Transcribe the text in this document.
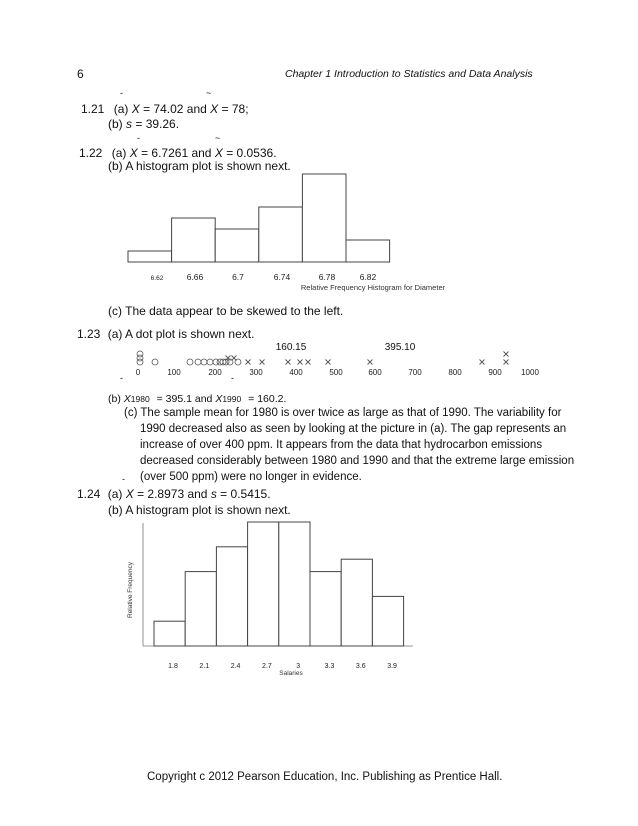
6	Chapter 1 Introduction to Statistics and Data Analysis
-	~
1.21 (a) X = 74.02 and X = 78;
(b) s = 39.26.
-	~
1.22 (a) X = 6.7261 and X = 0.0536.
(b) A histogram plot is shown next.
6.62	6.66	6.7	6.74	6.78	6.82
Relative Frequency Histogram for Diameter
(c) The data appear to be skewed to the left.
1.23 (a) A dot plot is shown next.
160.15	395.10
0	100	200	300	400	500	600	700	800	900 1000
-	-
(b) X1980 = 395.1 and X1990 = 160.2.
(c) The sample mean for 1980 is over twice as large as that of 1990. The variability for
1990 decreased also as seen by looking at the picture in (a). The gap represents an
increase of over 400 ppm. It appears from the data that hydrocarbon emissions
decreased considerably between 1980 and 1990 and that the extreme large emission
(over 500 ppm) were no longer in evidence.
-
1.24 (a) X = 2.8973 and s = 0.5415.
(b) A histogram plot is shown next.
Relative Frequency
1.8	2.1	2.4	2.7	3	3.3	3.6	3.9
Salaries
Copyright c 2012 Pearson Education, Inc. Publishing as Prentice Hall.
